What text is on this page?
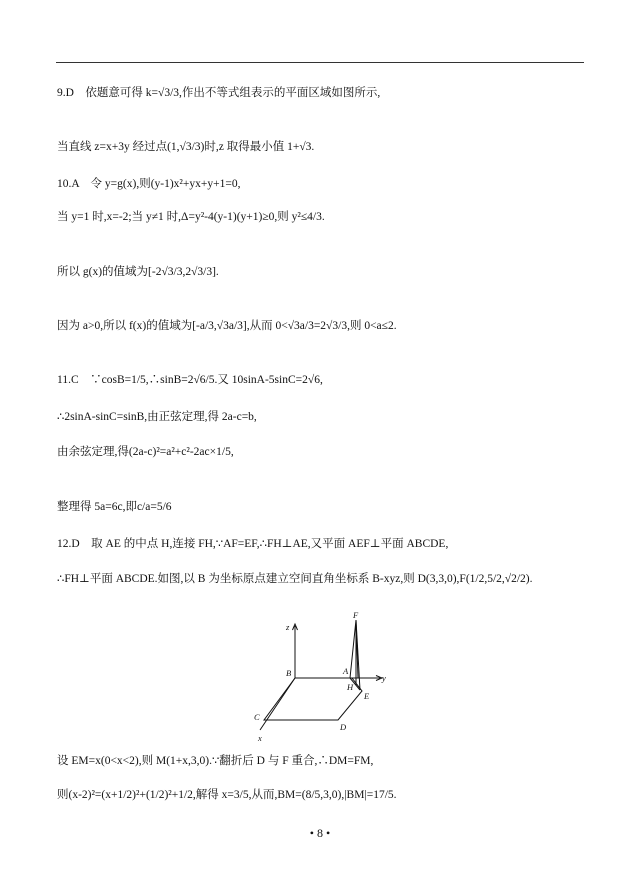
9.D　依题意可得 k=√3/3,作出不等式组表示的平面区域如图所示,
当直线 z=x+3y 经过点(1,√3/3)时,z 取得最小值 1+√3.
10.A　令 y=g(x),则(y-1)x²+yx+y+1=0,
当 y=1 时,x=-2;当 y≠1 时,Δ=y²-4(y-1)(y+1)≥0,则 y²≤4/3.
所以 g(x)的值域为[-2√3/3,2√3/3].
因为 a>0,所以 f(x)的值域为[-a/3,√3a/3],从而 0<√3a/3=2√3/3,则 0<a≤2.
11.C　∵cosB=1/5,∴sinB=2√6/5.又 10sinA-5sinC=2√6,
∴2sinA-sinC=sinB,由正弦定理,得 2a-c=b,
由余弦定理,得(2a-c)²=a²+c²-2ac×1/5,
整理得 5a=6c,即c/a=5/6
12.D　取 AE 的中点 H,连接 FH,∵AF=EF,∴FH⊥AE,又平面 AEF⊥平面 ABCDE,
∴FH⊥平面 ABCDE.如图,以 B 为坐标原点建立空间直角坐标系 B-xyz,则 D(3,3,0),F(1/2,5/2,√2/2).
z
F
B	A
y
H
E
C
D
x
设 EM=x(0<x<2),则 M(1+x,3,0).∵翻折后 D 与 F 重合,∴DM=FM,
则(x-2)²=(x+1/2)²+(1/2)²+1/2,解得 x=3/5,从而,BM=(8/5,3,0),|BM|=17/5.
• 8 •
